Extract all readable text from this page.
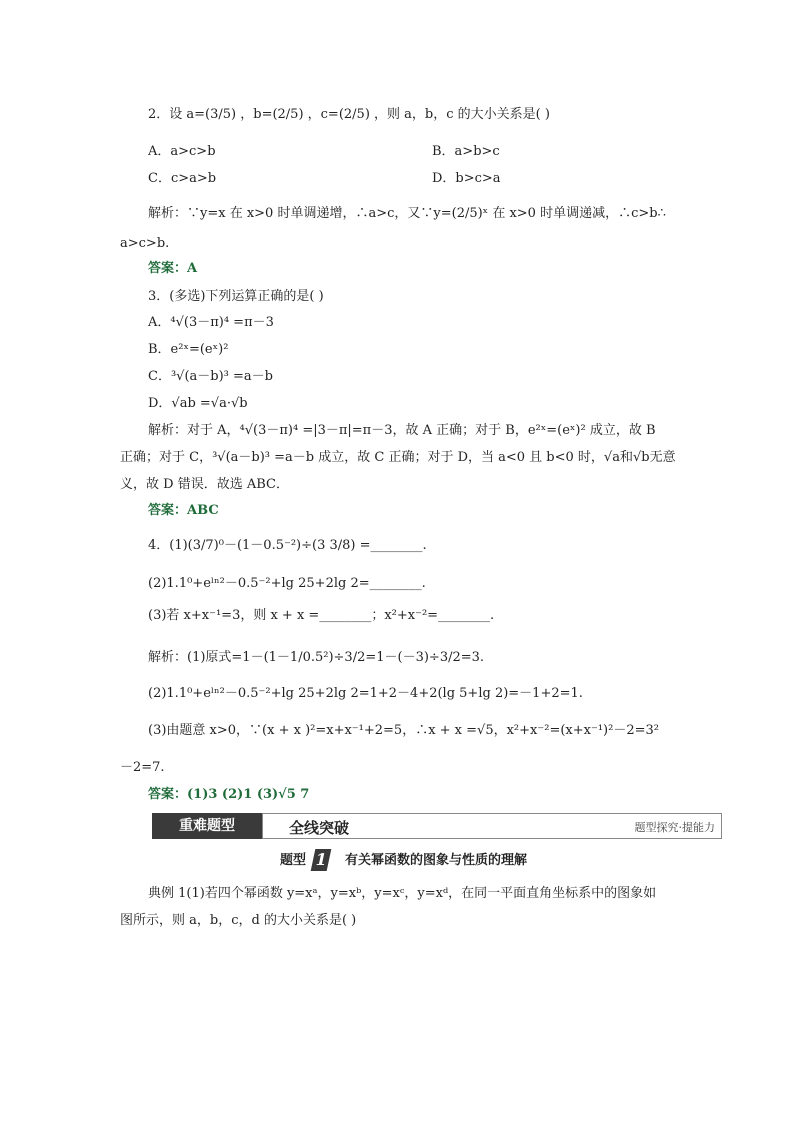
2．设 a=(3/5) ，b=(2/5) ，c=(2/5) ，则 a，b，c 的大小关系是( )
A．a>c>b	B．a>b>c
C．c>a>b	D．b>c>a
解析：∵y=x 在 x>0 时单调递增，∴a>c，又∵y=(2/5)ˣ 在 x>0 时单调递减，∴c>b∴
a>c>b.
答案：A
3．(多选)下列运算正确的是( )
A．⁴√(3－π)⁴ =π－3
B．e²ˣ=(eˣ)²
C．³√(a－b)³ =a－b
D．√ab =√a·√b
解析：对于 A，⁴√(3－π)⁴ =|3－π|=π－3，故 A 正确；对于 B，e²ˣ=(eˣ)² 成立，故 B
正确；对于 C，³√(a－b)³ =a－b 成立，故 C 正确；对于 D，当 a<0 且 b<0 时，√a和√b无意
义，故 D 错误．故选 ABC．
答案：ABC
4．(1)(3/7)⁰－(1－0.5⁻²)÷(3 3/8) =________.
(2)1.1⁰+eˡⁿ²－0.5⁻²+lg 25+2lg 2=________.
(3)若 x+x⁻¹=3，则 x + x =________；x²+x⁻²=________.
解析：(1)原式=1－(1－1/0.5²)÷3/2=1－(－3)÷3/2=3.
(2)1.1⁰+eˡⁿ²－0.5⁻²+lg 25+2lg 2=1+2－4+2(lg 5+lg 2)=－1+2=1.
(3)由题意 x>0，∵(x + x )²=x+x⁻¹+2=5，∴x + x =√5，x²+x⁻²=(x+x⁻¹)²－2=3²
－2=7.
答案：(1)3 (2)1 (3)√5 7
重难题型	全线突破	题型探究·提能力
题型 1 有关幂函数的图象与性质的理解
典例 1(1)若四个幂函数 y=xᵃ，y=xᵇ，y=xᶜ，y=xᵈ，在同一平面直角坐标系中的图象如
图所示，则 a，b，c，d 的大小关系是( )
